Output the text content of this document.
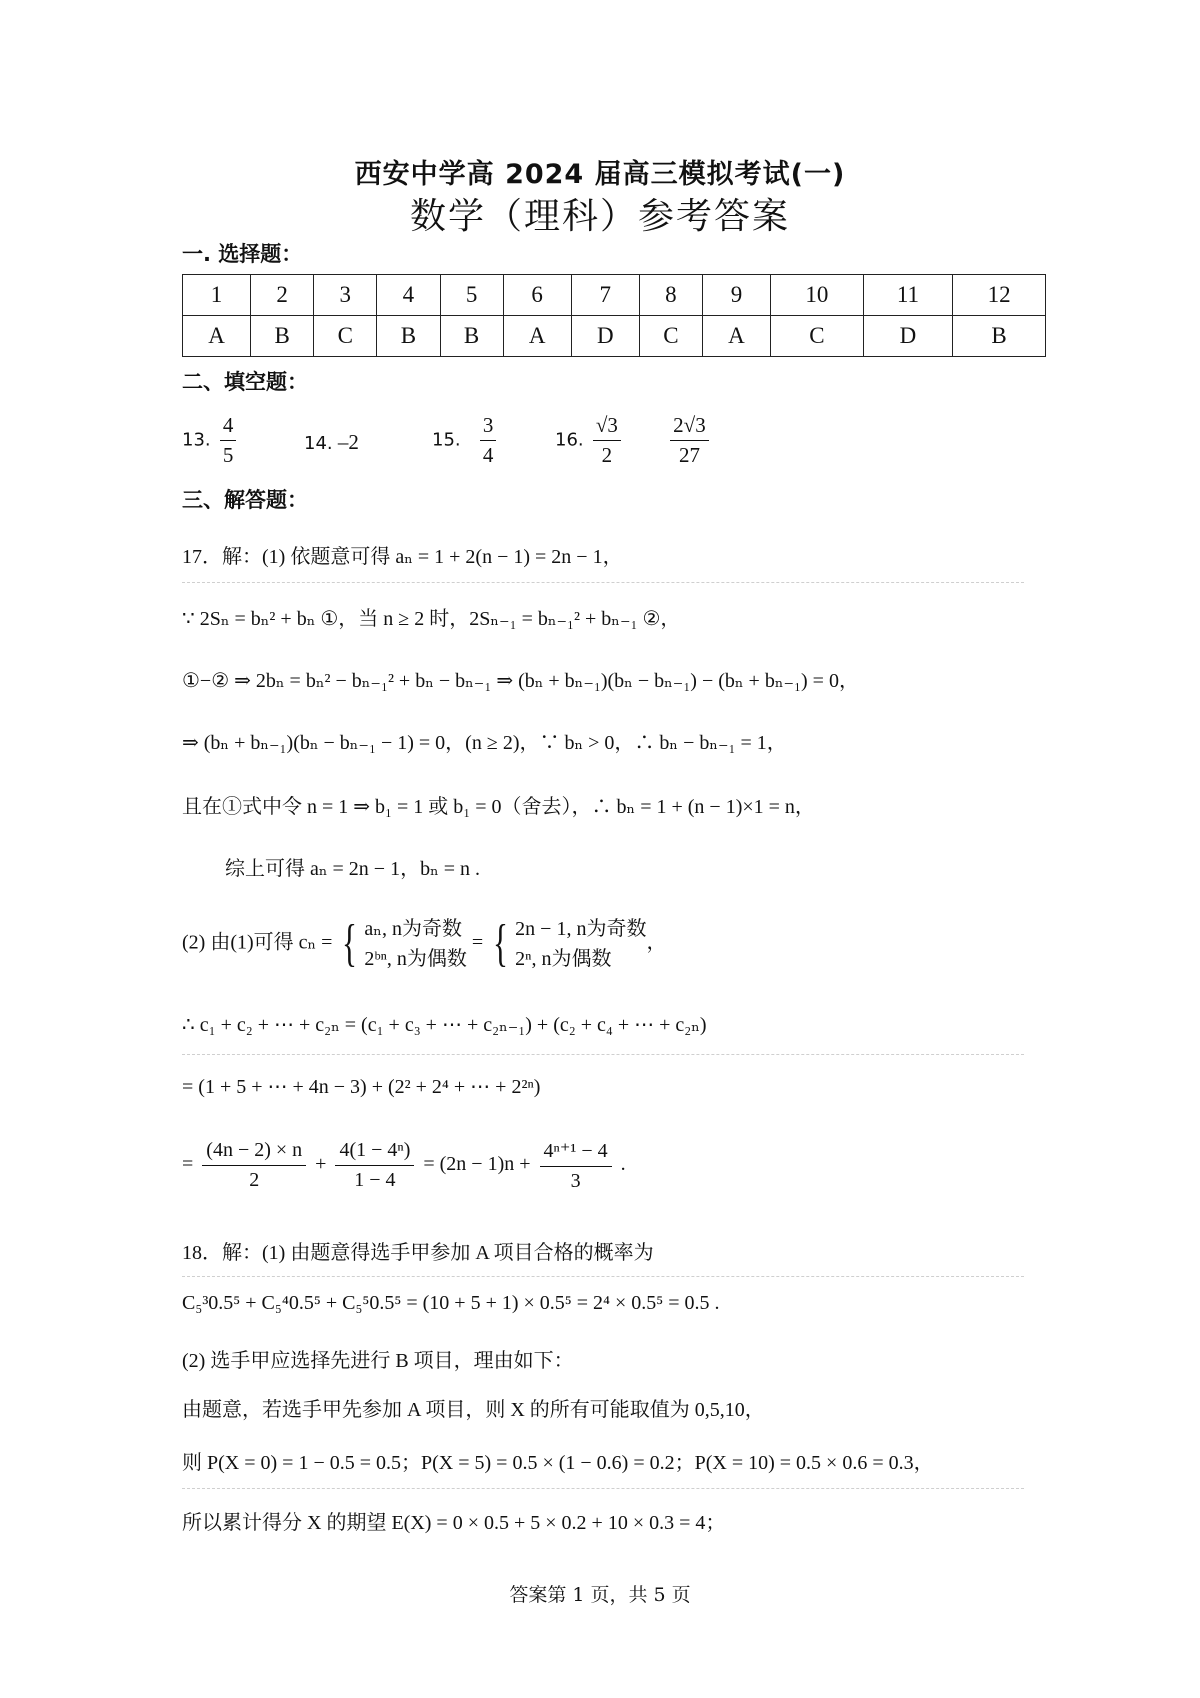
西安中学高 2024 届高三模拟考试(一)
数学（理科）参考答案
一. 选择题：
1	2	3	4	5	6	7	8	9	10	11	12
A	B	C	B	B	A	D	C	A	C	D	B
二、填空题：
13. $\frac{4}{5}$	14. –2	15. $\frac{3}{4}$	16. $\frac{√3}{2}$
$\frac{2√3}{27}$
三、解答题：
17．解：(1) 依题意可得 aₙ = 1 + 2(n − 1) = 2n − 1，
∵ 2Sₙ = bₙ² + bₙ ①，当 n ≥ 2 时，2Sₙ₋₁ = bₙ₋₁² + bₙ₋₁ ②，
①−② ⇒ 2bₙ = bₙ² − bₙ₋₁² + bₙ − bₙ₋₁ ⇒ (bₙ + bₙ₋₁)(bₙ − bₙ₋₁) − (bₙ + bₙ₋₁) = 0，
⇒ (bₙ + bₙ₋₁)(bₙ − bₙ₋₁ − 1) = 0，(n ≥ 2)，∵ bₙ > 0，∴ bₙ − bₙ₋₁ = 1，
且在①式中令 n = 1 ⇒ b₁ = 1 或 b₁ = 0（舍去），∴ bₙ = 1 + (n − 1)×1 = n，
综上可得 aₙ = 2n − 1，bₙ = n .
(2) 由(1)可得 cₙ = { aₙ, n为奇数
2ᵇⁿ, n为偶数 = { 2n − 1, n为奇数
2ⁿ, n为偶数，
∴ c₁ + c₂ + ⋯ + c₂ₙ = (c₁ + c₃ + ⋯ + c₂ₙ₋₁) + (c₂ + c₄ + ⋯ + c₂ₙ)
= (1 + 5 + ⋯ + 4n − 3) + (2² + 2⁴ + ⋯ + 2²ⁿ)
= $\frac{(4n - 2) \times n}{2} + \frac{\text{4(1 − 4ⁿ)}}{1 - 4} = (2n - 1)n + \frac{\text{4ⁿ⁺¹ − 4}}{3}$ .
18．解：(1) 由题意得选手甲参加 A 项目合格的概率为
C₅³0.5⁵ + C₅⁴0.5⁵ + C₅⁵0.5⁵ = (10 + 5 + 1) × 0.5⁵ = 2⁴ × 0.5⁵ = 0.5 .
(2) 选手甲应选择先进行 B 项目，理由如下：
由题意，若选手甲先参加 A 项目，则 X 的所有可能取值为 0,5,10，
则 P(X = 0) = 1 − 0.5 = 0.5；P(X = 5) = 0.5 × (1 − 0.6) = 0.2；P(X = 10) = 0.5 × 0.6 = 0.3，
所以累计得分 X 的期望 E(X) = 0 × 0.5 + 5 × 0.2 + 10 × 0.3 = 4；
答案第 1 页，共 5 页
